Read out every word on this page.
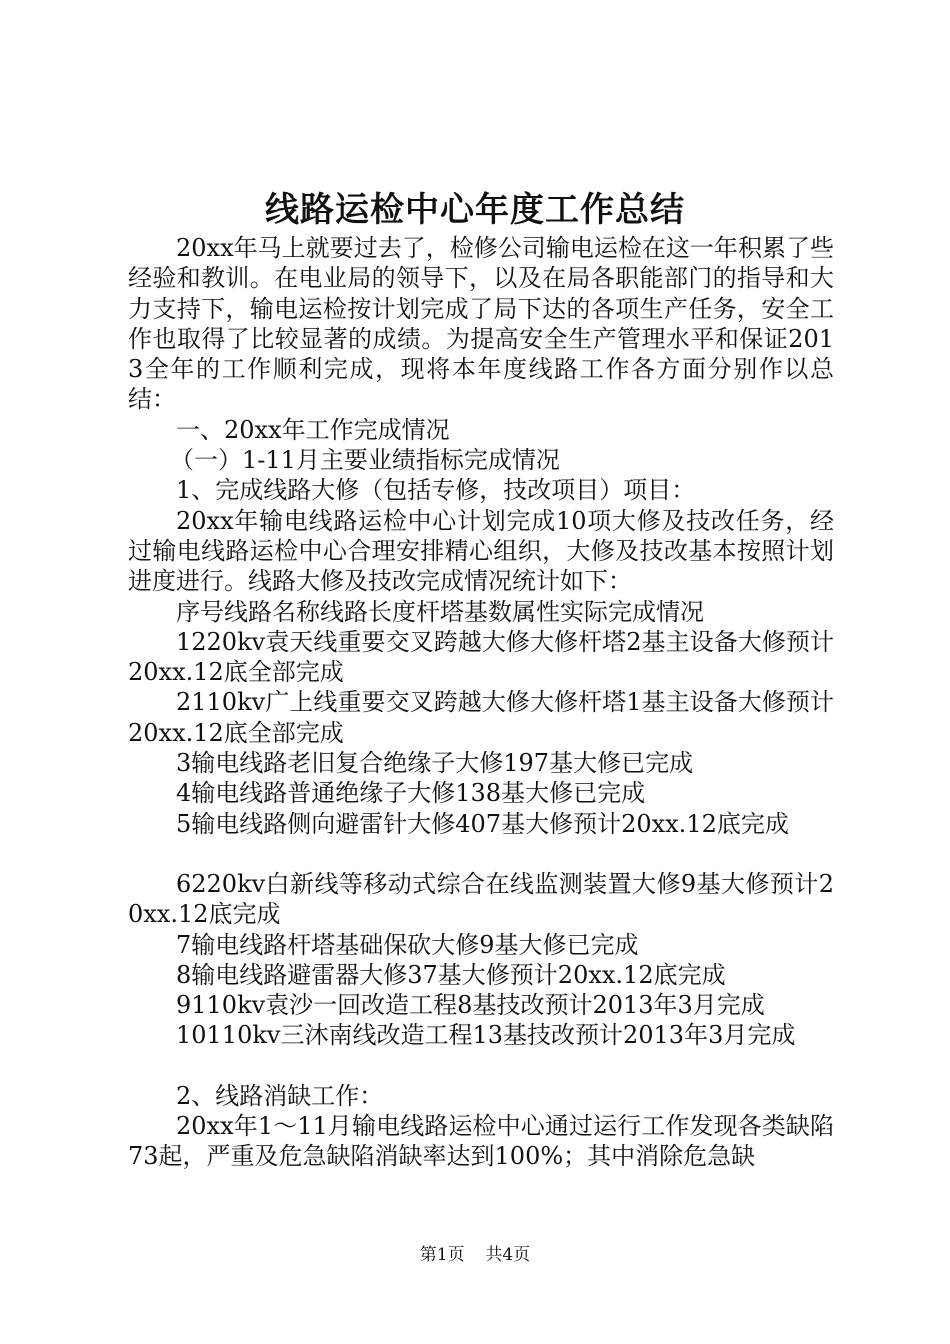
线路运检中心年度工作总结

20xx年马上就要过去了，检修公司输电运检在这一年积累了些经验和教训。在电业局的领导下，以及在局各职能部门的指导和大力支持下，输电运检按计划完成了局下达的各项生产任务，安全工作也取得了比较显著的成绩。为提高安全生产管理水平和保证2013全年的工作顺利完成，现将本年度线路工作各方面分别作以总结：

一、20xx年工作完成情况

（一）1-11月主要业绩指标完成情况

1、完成线路大修（包括专修，技改项目）项目：

20xx年输电线路运检中心计划完成10项大修及技改任务，经过输电线路运检中心合理安排精心组织，大修及技改基本按照计划进度进行。线路大修及技改完成情况统计如下：

序号线路名称线路长度杆塔基数属性实际完成情况

1220kv袁天线重要交叉跨越大修大修杆塔2基主设备大修预计20xx.12底全部完成

2110kv广上线重要交叉跨越大修大修杆塔1基主设备大修预计20xx.12底全部完成

3输电线路老旧复合绝缘子大修197基大修已完成

4输电线路普通绝缘子大修138基大修已完成

5输电线路侧向避雷针大修407基大修预计20xx.12底完成

6220kv白新线等移动式综合在线监测装置大修9基大修预计20xx.12底完成

7输电线路杆塔基础保砍大修9基大修已完成

8输电线路避雷器大修37基大修预计20xx.12底完成

9110kv袁沙一回改造工程8基技改预计2013年3月完成

10110kv三沐南线改造工程13基技改预计2013年3月完成

2、线路消缺工作：

20xx年1～11月输电线路运检中心通过运行工作发现各类缺陷73起，严重及危急缺陷消缺率达到100%；其中消除危急缺

第1页 共4页
